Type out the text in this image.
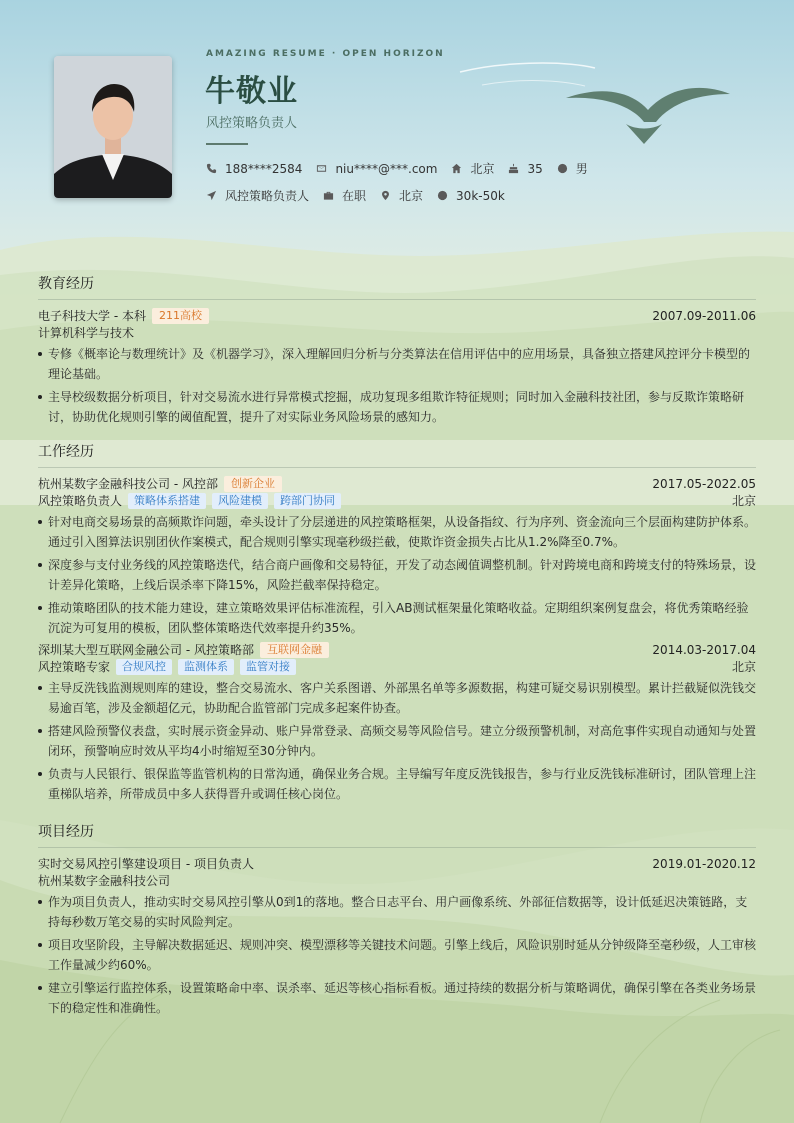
AMAZING RESUME · OPEN HORIZON
牛敬业
风控策略负责人
188****2584	niu****@***.com	北京	35	男
风控策略负责人	在职	北京	30k-50k
教育经历
电子科技大学 - 本科	211高校	2007.09-2011.06
计算机科学与技术
专修《概率论与数理统计》及《机器学习》，深入理解回归分析与分类算法在信用评估中的应用场景，具备独立搭建风控评分卡模型的理论基础。
主导校级数据分析项目，针对交易流水进行异常模式挖掘，成功复现多组欺诈特征规则；同时加入金融科技社团，参与反欺诈策略研讨，协助优化规则引擎的阈值配置，提升了对实际业务风险场景的感知力。
工作经历
杭州某数字金融科技公司 - 风控部	创新企业	2017.05-2022.05
风控策略负责人	策略体系搭建	风险建模	跨部门协同	北京
针对电商交易场景的高频欺诈问题，牵头设计了分层递进的风控策略框架，从设备指纹、行为序列、资金流向三个层面构建防护体系。通过引入图算法识别团伙作案模式，配合规则引擎实现毫秒级拦截，使欺诈资金损失占比从1.2%降至0.7%。
深度参与支付业务线的风控策略迭代，结合商户画像和交易特征，开发了动态阈值调整机制。针对跨境电商和跨境支付的特殊场景，设计差异化策略，上线后误杀率下降15%，风险拦截率保持稳定。
推动策略团队的技术能力建设，建立策略效果评估标准流程，引入AB测试框架量化策略收益。定期组织案例复盘会，将优秀策略经验沉淀为可复用的模板，团队整体策略迭代效率提升约35%。
深圳某大型互联网金融公司 - 风控策略部	互联网金融	2014.03-2017.04
风控策略专家	合规风控	监测体系	监管对接	北京
主导反洗钱监测规则库的建设，整合交易流水、客户关系图谱、外部黑名单等多源数据，构建可疑交易识别模型。累计拦截疑似洗钱交易逾百笔，涉及金额超亿元，协助配合监管部门完成多起案件协查。
搭建风险预警仪表盘，实时展示资金异动、账户异常登录、高频交易等风险信号。建立分级预警机制，对高危事件实现自动通知与处置闭环，预警响应时效从平均4小时缩短至30分钟内。
负责与人民银行、银保监等监管机构的日常沟通，确保业务合规。主导编写年度反洗钱报告，参与行业反洗钱标准研讨，团队管理上注重梯队培养，所带成员中多人获得晋升或调任核心岗位。
项目经历
实时交易风控引擎建设项目 - 项目负责人	2019.01-2020.12
杭州某数字金融科技公司
作为项目负责人，推动实时交易风控引擎从0到1的落地。整合日志平台、用户画像系统、外部征信数据等，设计低延迟决策链路，支持每秒数万笔交易的实时风险判定。
项目攻坚阶段，主导解决数据延迟、规则冲突、模型漂移等关键技术问题。引擎上线后，风险识别时延从分钟级降至毫秒级，人工审核工作量减少约60%。
建立引擎运行监控体系，设置策略命中率、误杀率、延迟等核心指标看板。通过持续的数据分析与策略调优，确保引擎在各类业务场景下的稳定性和准确性。
